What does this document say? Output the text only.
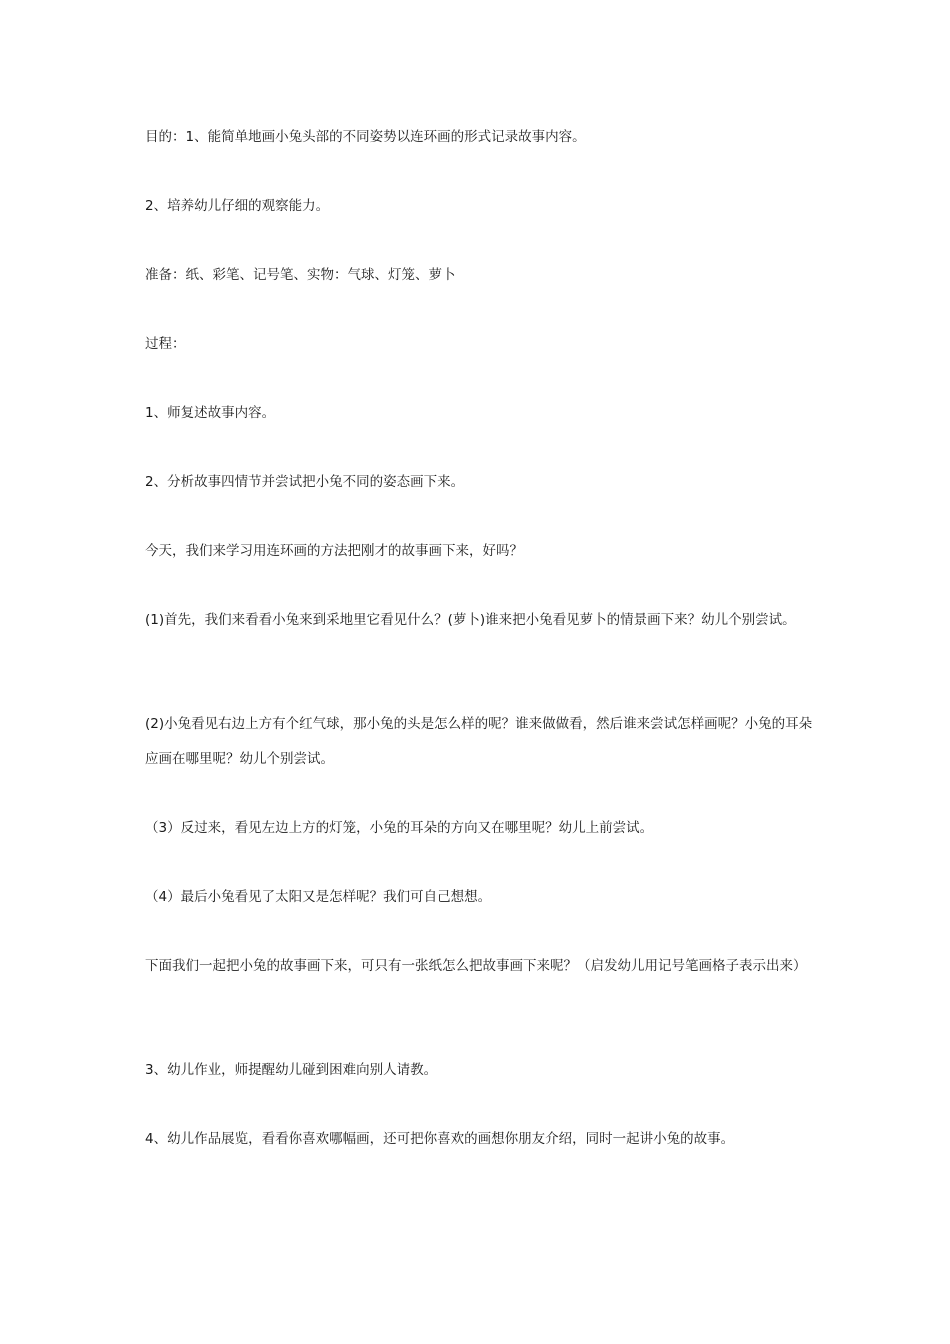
目的：1、能简单地画小兔头部的不同姿势以连环画的形式记录故事内容。

2、培养幼儿仔细的观察能力。

准备：纸、彩笔、记号笔、实物：气球、灯笼、萝卜

过程：

1、师复述故事内容。

2、分析故事四情节并尝试把小兔不同的姿态画下来。

今天，我们来学习用连环画的方法把刚才的故事画下来，好吗？

(1)首先，我们来看看小兔来到采地里它看见什么？(萝卜)谁来把小兔看见萝卜的情景画下来？幼儿个别尝试。

(2)小兔看见右边上方有个红气球，那小兔的头是怎么样的呢？谁来做做看，然后谁来尝试怎样画呢？小兔的耳朵应画在哪里呢？幼儿个别尝试。

（3）反过来，看见左边上方的灯笼，小兔的耳朵的方向又在哪里呢？幼儿上前尝试。

（4）最后小兔看见了太阳又是怎样呢？我们可自己想想。

下面我们一起把小兔的故事画下来，可只有一张纸怎么把故事画下来呢？（启发幼儿用记号笔画格子表示出来）

3、幼儿作业，师提醒幼儿碰到困难向别人请教。

4、幼儿作品展览，看看你喜欢哪幅画，还可把你喜欢的画想你朋友介绍，同时一起讲小兔的故事。
